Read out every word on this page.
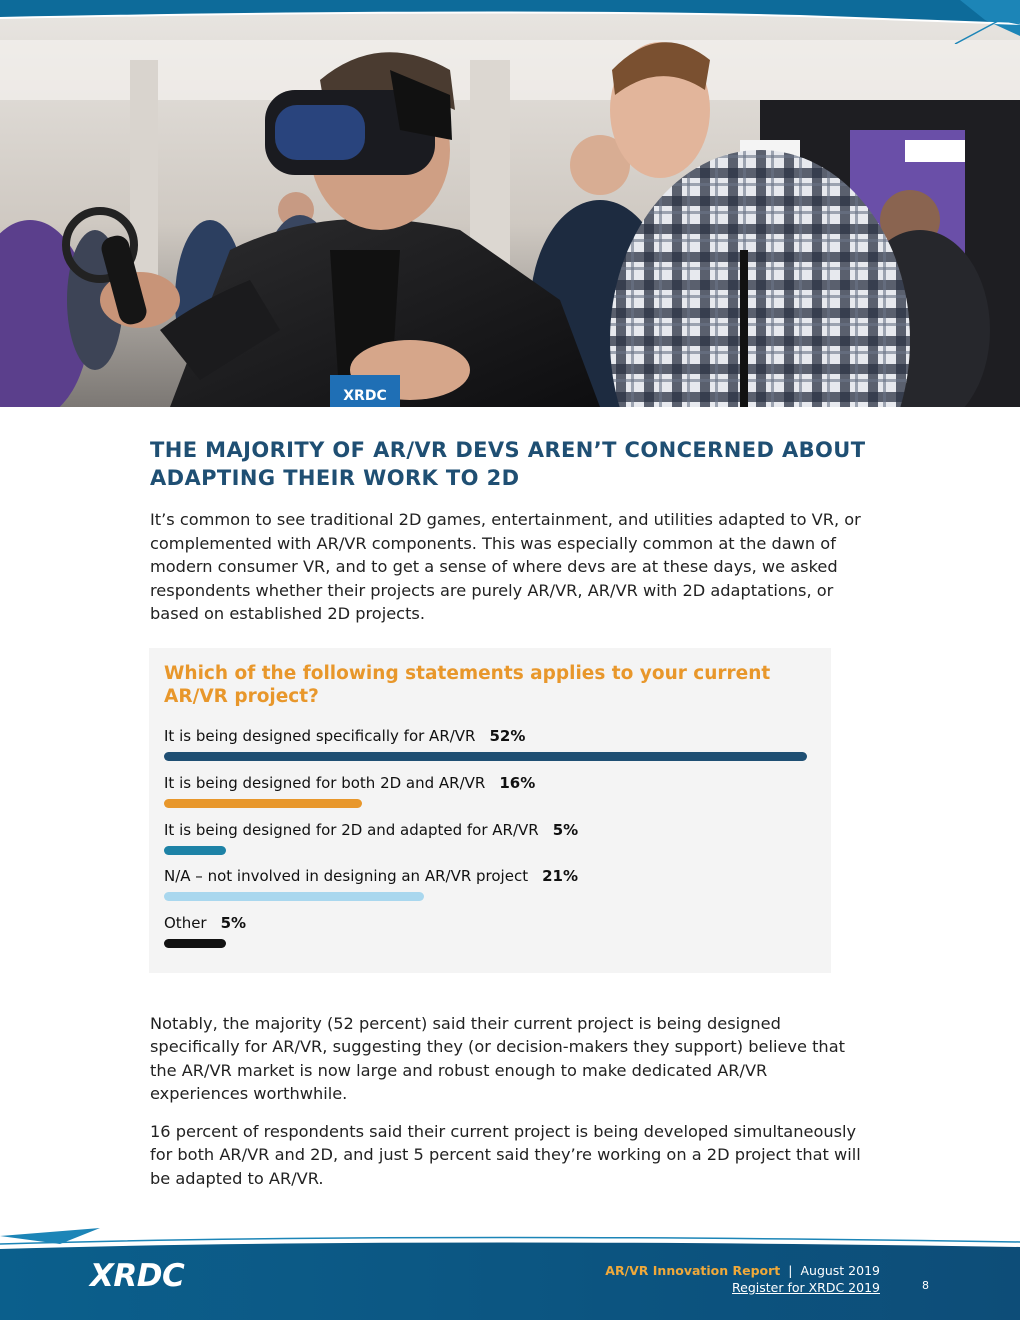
XRDC
THE MAJORITY OF AR/VR DEVS AREN’T CONCERNED ABOUT ADAPTING THEIR WORK TO 2D

It’s common to see traditional 2D games, entertainment, and utilities adapted to VR, or complemented with AR/VR components. This was especially common at the dawn of modern consumer VR, and to get a sense of where devs are at these days, we asked respondents whether their projects are purely AR/VR, AR/VR with 2D adaptations, or based on established 2D projects.

Which of the following statements applies to your current AR/VR project?
It is being designed specifically for AR/VR 52%
It is being designed for both 2D and AR/VR 16%
It is being designed for 2D and adapted for AR/VR 5%
N/A – not involved in designing an AR/VR project 21%
Other 5%

Notably, the majority (52 percent) said their current project is being designed specifically for AR/VR, suggesting they (or decision-makers they support) believe that the AR/VR market is now large and robust enough to make dedicated AR/VR experiences worthwhile.

16 percent of respondents said their current project is being developed simultaneously for both AR/VR and 2D, and just 5 percent said they’re working on a 2D project that will be adapted to AR/VR.

XRDC	AR/VR Innovation Report | August 2019
Register for XRDC 2019	8
